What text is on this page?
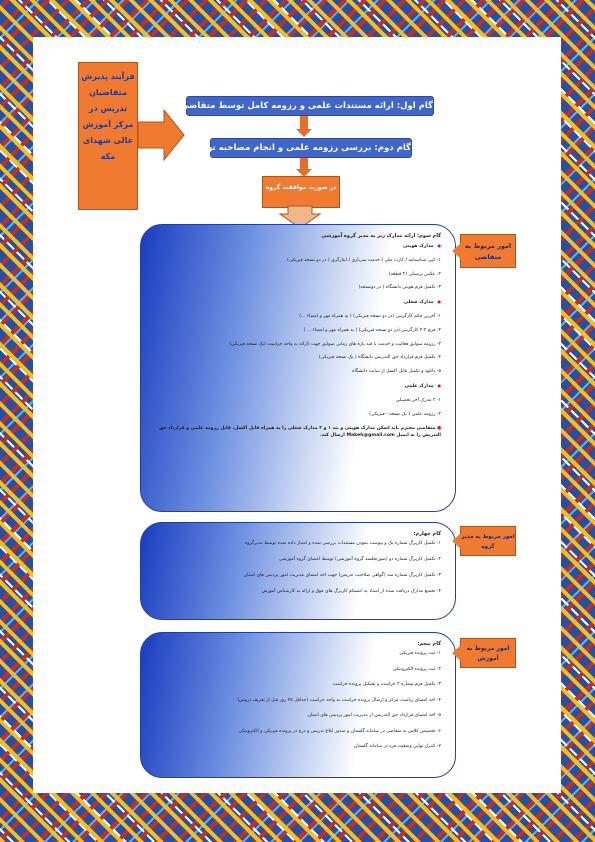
فرآیند پذیرش متقاضیان تدریس در مرکز آموزش عالی شهدای مکه
گام اول: ارائه مستندات علمی و رزومه کامل توسط متقاضی تدریس
گام دوم: بررسی رزومه علمی و انجام مصاحبه توسط
در صورت موافقت گروه
گام سوم: ارائه مدارک زیر به مدیر گروه آموزشی
● مدارک هویتی
۱- کپی شناسنامه / کارت ملی / خدمت سربازی / ایثارگری ( در دو نسخه فیزیکی)
۲- عکس پرسنلی (۲ قطعه)
۳- تکمیل فرم هویتی دانشگاه ( در دونسخه)
● مدارک شغلی
۱- آخرین حکم کارگزینی (در دو نسخه فیزیکی) ( به همراه مهر و امضاء ...)
۲- فرم ۲-۲ کارگزینی (در دو نسخه فیزیکی) ( به همراه مهر و امضاء ... )
۳- رزومه سوابق فعالیت و خدمت با قید بازه های زمانی سوابق جهت (ارائه به واحد حراست (یک نسخه فیزیکی)
۴- تکمیل فرم قرارداد حق التدریس دانشگاه ( یک نسخه فیزیکی)
۵- دانلود و تکمیل فایل اکسل از سایت دانشگاه
● مدارک علمی
۱- ۲ مدرک آخر تحصیلی
۲- رزومه علمی ( یک نسخه - فیزیکی)
● متقاضی محترم باید اسکن مدارک هویتی و بند ۱ و ۲ مدارک شغلی را به همراه فایل اکسل، فایل رزومه علمی و قرارداد حق التدریس را به ایمیل Makeh@gmail.com ارسال کند.
امور مربوط به متقاضی
گام چهارم:
۱- تکمیل کاربرگ شماره یک و پیوست نمودن مستندات بررسی شده و امتیاز داده شده توسط مدیرگروه
۲- تکمیل کاربرگ شماره دو (صورتجلسه گروه آموزشی) توسط اعضای گروه آموزشی
۳- تکمیل کاربرگ شماره سه (گواهی صلاحیت تدریس) جهت اخذ امضای مدیریت امور پردیس های استان
۴- تجمیع مدارک دریافت شده از استاد به انضمام کاربرگ های فوق و ارائه به کارشناس آموزش
امور مربوط به مدیر گروه
گام پنجم:
۱- ثبت پرونده فیزیکی
۲- ثبت پرونده الکترونیکی
۳- تکمیل فرم شماره ۳ حراست و تشکیل پرونده حراست
۴- اخذ امضای ریاست مرکز و ارسال پرونده حراست به واحد حراست (حداقل ۴۵ روز قبل از تعریف دروس)
۵- اخذ امضای قرارداد حق التدریس از مدیریت امور پردیس های استان
۶- تخصیص کلاس به متقاضی در سامانه گلستان و صدور ابلاغ تدریس و درج در پرونده فیزیکی و الکترونیکی
۷- کنترل نهایی وضعیت فرد در سامانه گلستان
امور مربوط به آموزش
